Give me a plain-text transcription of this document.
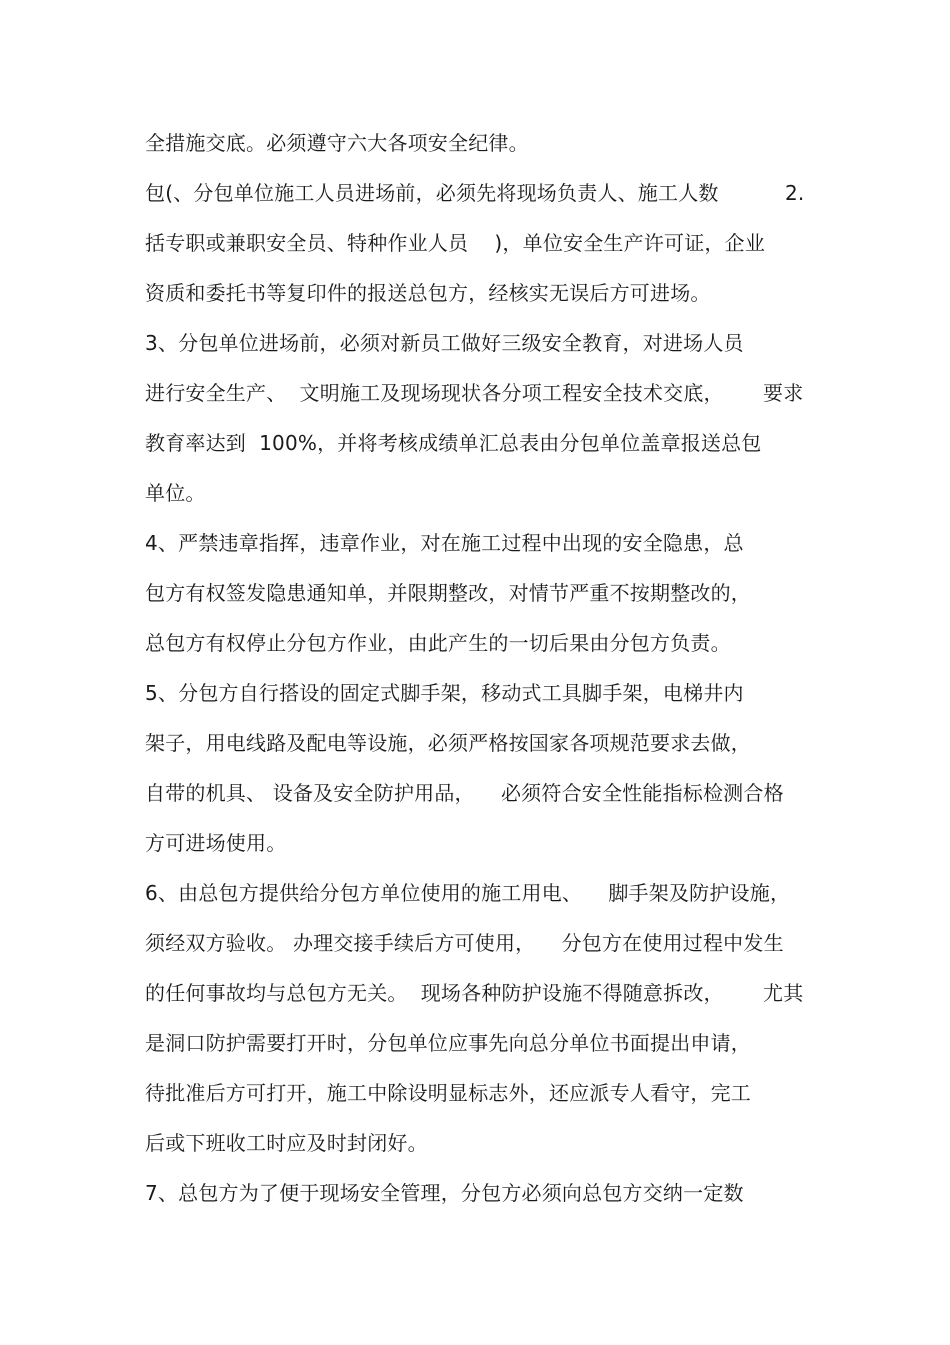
全措施交底。必须遵守六大各项安全纪律。
包(、分包单位施工人员进场前，必须先将现场负责人、施工人数	2.
括专职或兼职安全员、特种作业人员    )，单位安全生产许可证，企业
资质和委托书等复印件的报送总包方，经核实无误后方可进场。
3、分包单位进场前，必须对新员工做好三级安全教育，对进场人员
进行安全生产、  文明施工及现场现状各分项工程安全技术交底， 要求
教育率达到  100%，并将考核成绩单汇总表由分包单位盖章报送总包
单位。
4、严禁违章指挥，违章作业，对在施工过程中出现的安全隐患，总
包方有权签发隐患通知单，并限期整改，对情节严重不按期整改的，
总包方有权停止分包方作业，由此产生的一切后果由分包方负责。
5、分包方自行搭设的固定式脚手架，移动式工具脚手架，电梯井内
架子，用电线路及配电等设施，必须严格按国家各项规范要求去做，
自带的机具、 设备及安全防护用品，    必须符合安全性能指标检测合格
方可进场使用。
6、由总包方提供给分包方单位使用的施工用电、    脚手架及防护设施，
须经双方验收。 办理交接手续后方可使用，    分包方在使用过程中发生
的任何事故均与总包方无关。  现场各种防护设施不得随意拆改， 尤其
是洞口防护需要打开时，分包单位应事先向总分单位书面提出申请，
待批准后方可打开，施工中除设明显标志外，还应派专人看守，完工
后或下班收工时应及时封闭好。
7、总包方为了便于现场安全管理，分包方必须向总包方交纳一定数
